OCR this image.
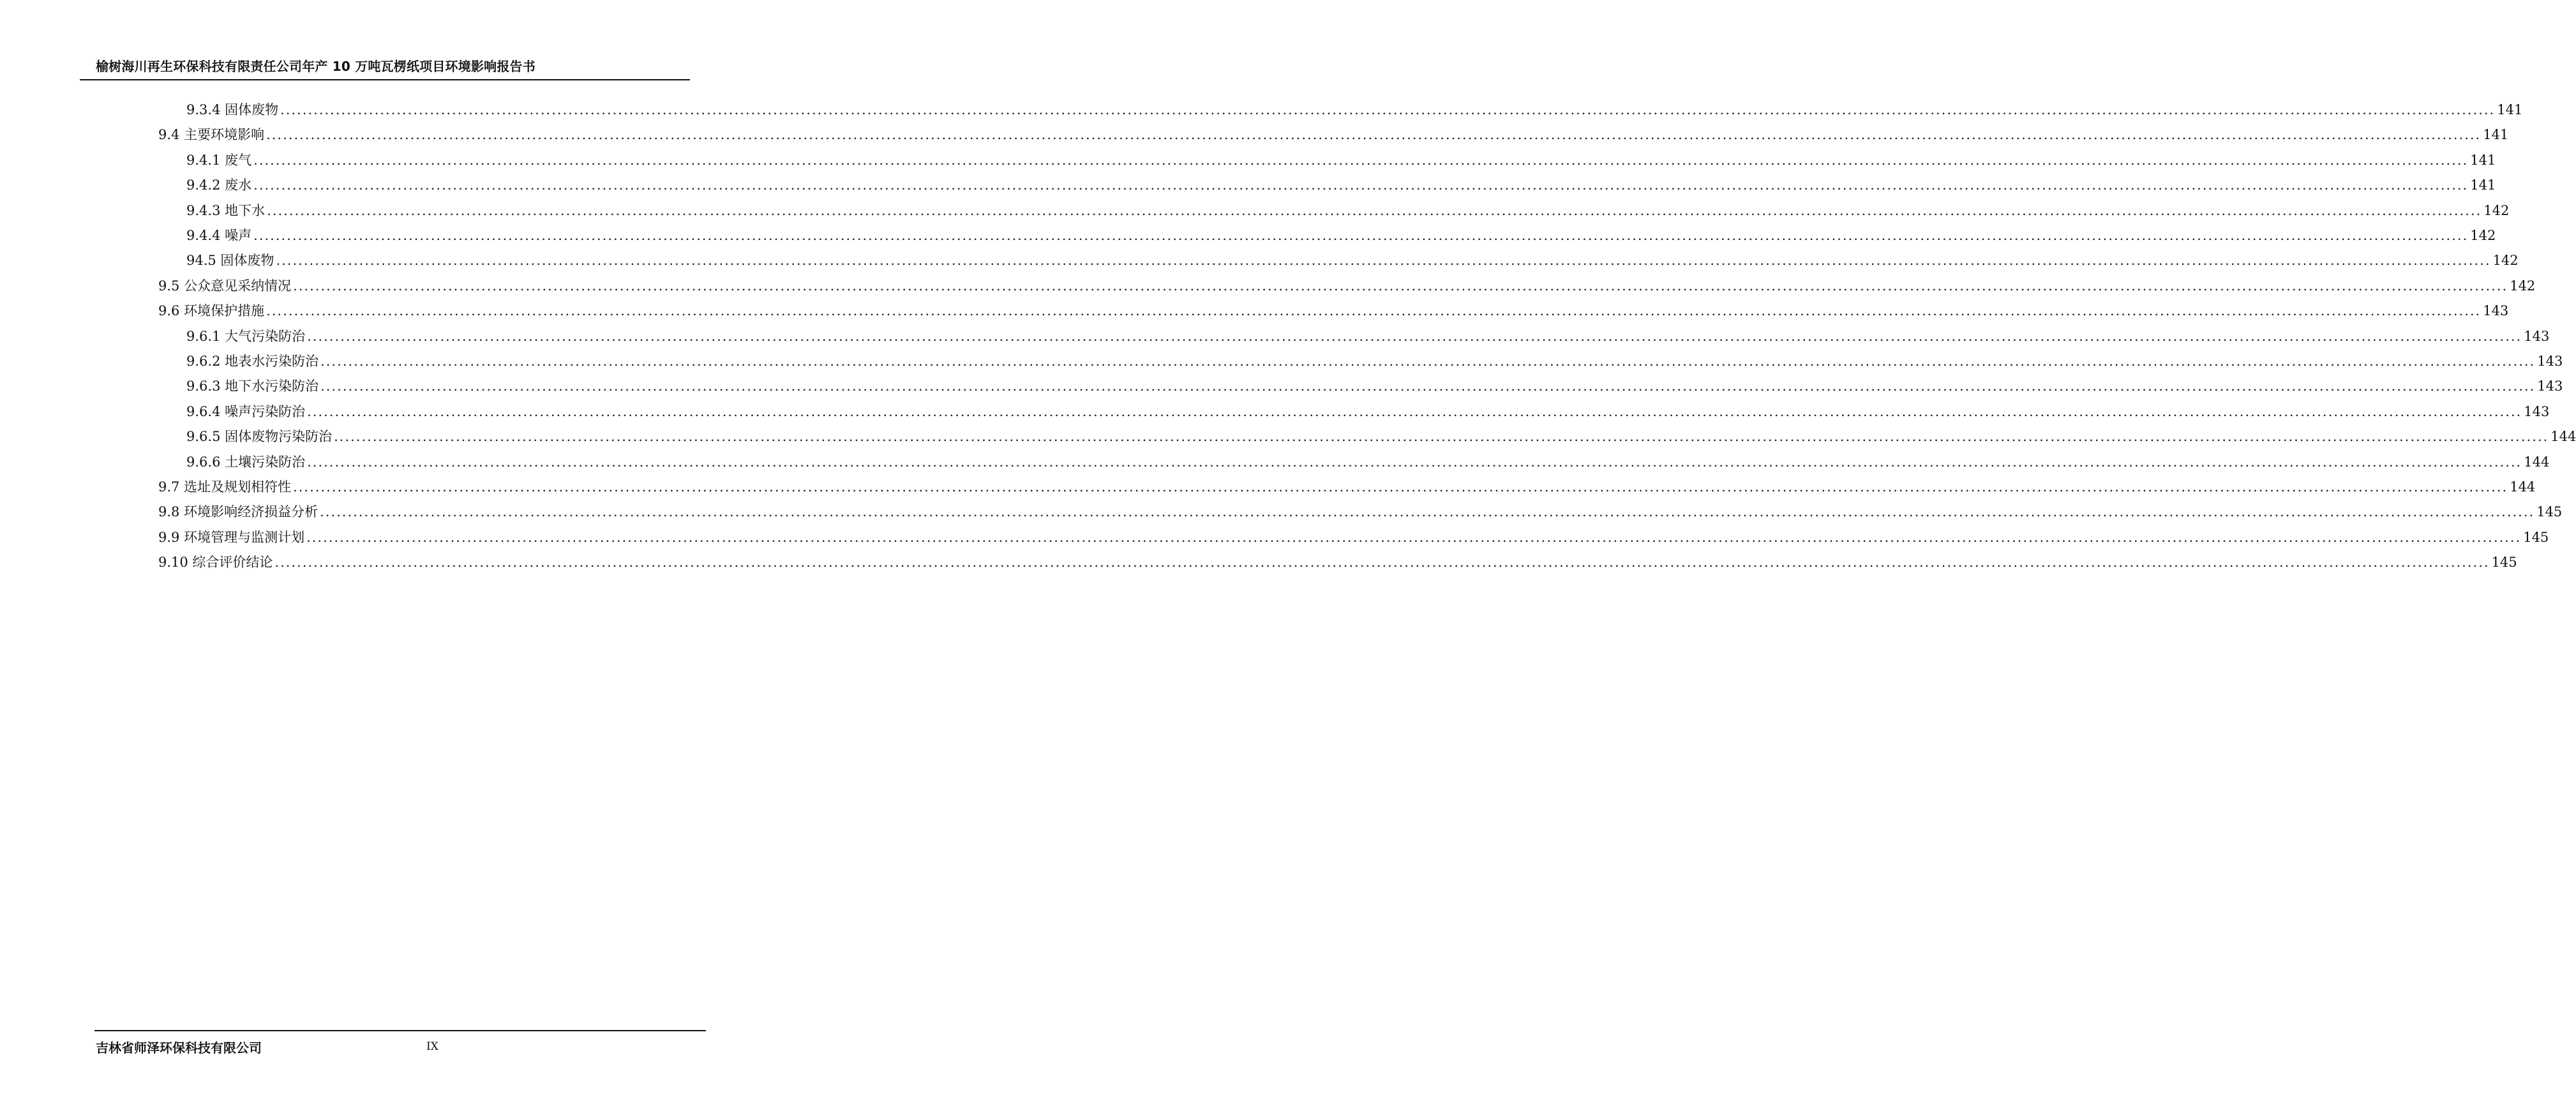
榆树海川再生环保科技有限责任公司年产 10 万吨瓦楞纸项目环境影响报告书
9.3.4 固体废物 ................................................................................................................................................................................................................................................................................................................................................................................................................ 141
9.4 主要环境影响 ................................................................................................................................................................................................................................................................................................................................................................................................................ 141
9.4.1 废气 ................................................................................................................................................................................................................................................................................................................................................................................................................ 141
9.4.2 废水 ................................................................................................................................................................................................................................................................................................................................................................................................................ 141
9.4.3 地下水 ................................................................................................................................................................................................................................................................................................................................................................................................................ 142
9.4.4 噪声 ................................................................................................................................................................................................................................................................................................................................................................................................................ 142
94.5 固体废物 ................................................................................................................................................................................................................................................................................................................................................................................................................ 142
9.5 公众意见采纳情况 ................................................................................................................................................................................................................................................................................................................................................................................................................ 142
9.6 环境保护措施 ................................................................................................................................................................................................................................................................................................................................................................................................................ 143
9.6.1 大气污染防治 ................................................................................................................................................................................................................................................................................................................................................................................................................ 143
9.6.2 地表水污染防治 ................................................................................................................................................................................................................................................................................................................................................................................................................ 143
9.6.3 地下水污染防治 ................................................................................................................................................................................................................................................................................................................................................................................................................ 143
9.6.4 噪声污染防治 ................................................................................................................................................................................................................................................................................................................................................................................................................ 143
9.6.5 固体废物污染防治 ................................................................................................................................................................................................................................................................................................................................................................................................................ 144
9.6.6 土壤污染防治 ................................................................................................................................................................................................................................................................................................................................................................................................................ 144
9.7 选址及规划相符性 ................................................................................................................................................................................................................................................................................................................................................................................................................ 144
9.8 环境影响经济损益分析 ................................................................................................................................................................................................................................................................................................................................................................................................................ 145
9.9 环境管理与监测计划 ................................................................................................................................................................................................................................................................................................................................................................................................................ 145
9.10 综合评价结论 ................................................................................................................................................................................................................................................................................................................................................................................................................ 145
吉林省师泽环保科技有限公司	IX
